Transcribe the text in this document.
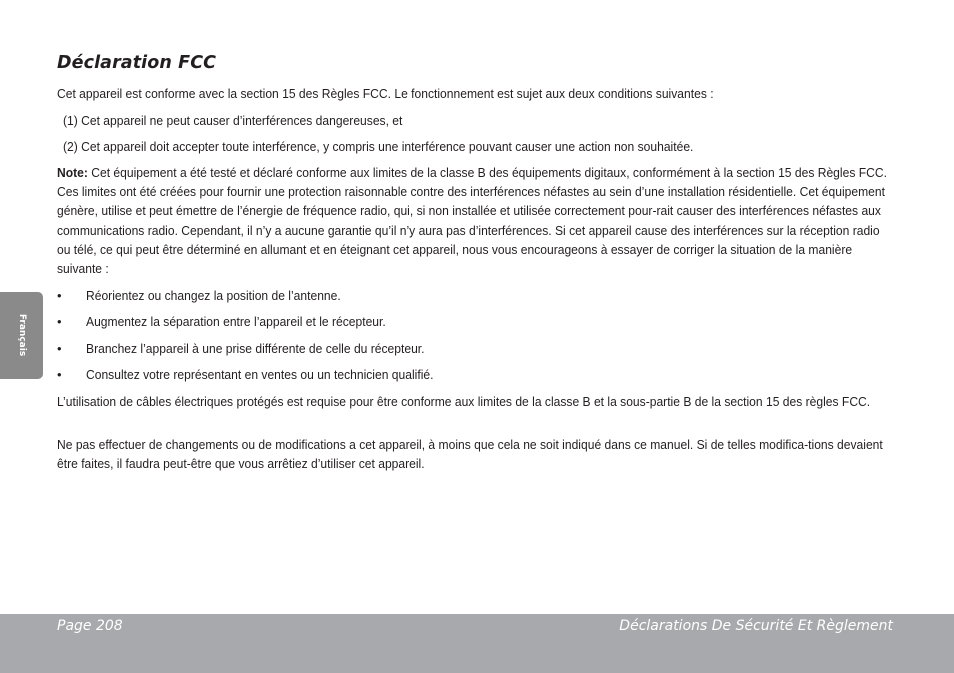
Déclaration FCC

Cet appareil est conforme avec la section 15 des Règles FCC. Le fonctionnement est sujet aux deux conditions suivantes :

(1) Cet appareil ne peut causer d’interférences dangereuses, et
(2) Cet appareil doit accepter toute interférence, y compris une interférence pouvant causer une action non souhaitée.

Note: Cet équipement a été testé et déclaré conforme aux limites de la classe B des équipements digitaux, conformément à la section 15 des Règles FCC. Ces limites ont été créées pour fournir une protection raisonnable contre des interférences néfastes au sein d’une installation résidentielle. Cet équipement génère, utilise et peut émettre de l’énergie de fréquence radio, qui, si non installée et utilisée correctement pour-rait causer des interférences néfastes aux communications radio. Cependant, il n’y a aucune garantie qu’il n’y aura pas d’interférences. Si cet appareil cause des interférences sur la réception radio ou télé, ce qui peut être déterminé en allumant et en éteignant cet appareil, nous vous encourageons à essayer de corriger la situation de la manière suivante :

• Réorientez ou changez la position de l’antenne.
• Augmentez la séparation entre l’appareil et le récepteur.
• Branchez l’appareil à une prise différente de celle du récepteur.
• Consultez votre représentant en ventes ou un technicien qualifié.

L’utilisation de câbles électriques protégés est requise pour être conforme aux limites de la classe B et la sous-partie B de la section 15 des règles FCC.

Ne pas effectuer de changements ou de modifications a cet appareil, à moins que cela ne soit indiqué dans ce manuel. Si de telles modifica-tions devaient être faites, il faudra peut-être que vous arrêtiez d’utiliser cet appareil.

Français
Page 208	Déclarations De Sécurité Et Règlement
